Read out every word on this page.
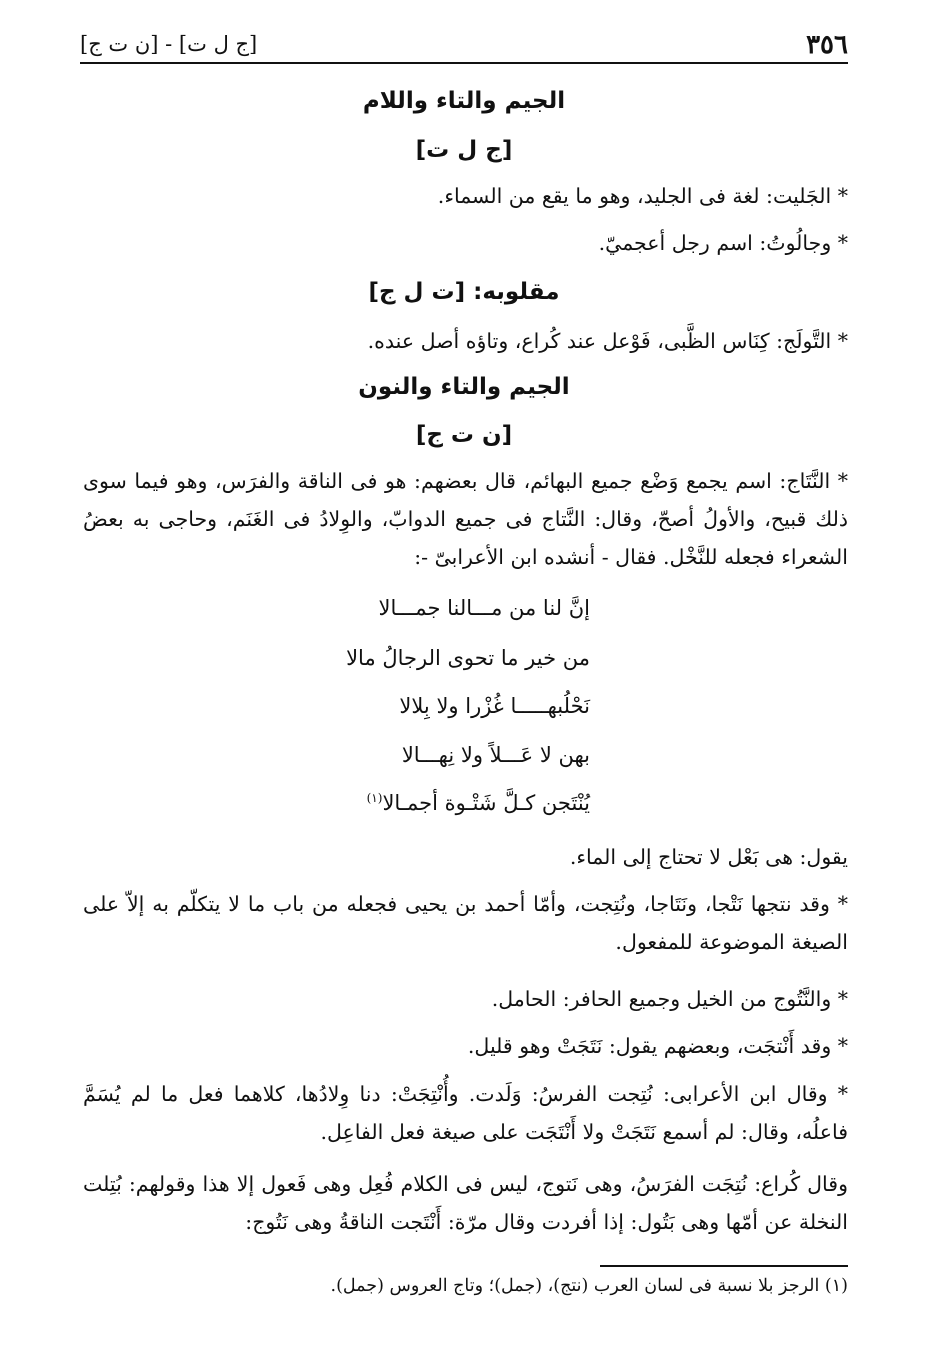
٣٥٦
[ج ل ت] - [ن ت ج]
الجيم والتاء واللام
[ج ل ت]
* الجَليت: لغة فى الجليد، وهو ما يقع من السماء.
* وجالُوتُ: اسم رجل أعجميّ.
مقلوبه: [ت ل ج]
* التَّولَج: كِنَاس الظَّبى، فَوْعل عند كُراع، وتاؤه أصل عنده.
الجيم والتاء والنون
[ن ت ج]
* النَّتَاج: اسم يجمع وَضْع جميع البهائم، قال بعضهم: هو فى الناقة والفرَس، وهو فيما سوى ذلك قبيح، والأولُ أصحّ، وقال: النَّتاج فى جميع الدوابّ، والوِلادُ فى الغَنَم، وحاجى به بعضُ الشعراء فجعله للنَّخْل. فقال - أنشده ابن الأعرابىّ -:
إنَّ لنا من مـــالنا جمـــالا
من خير ما تحوى الرجالُ مالا
نَحْلُبهـــــا غُزْرا ولا بِلالا
بهن لا عَـــلاً ولا نِهـــالا
يُنْتَجن كـلَّ شَتْـوة أجمـالا$^{(١)}$
يقول: هى بَعْل لا تحتاج إلى الماء.
* وقد نتجها نَتْجا، ونَتَاجا، ونُتِجت، وأمّا أحمد بن يحيى فجعله من باب ما لا يتكلّم به إلاّ على الصيغة الموضوعة للمفعول.
* والنَّتُوج من الخيل وجميع الحافر: الحامل.
* وقد أَنْتجَت، وبعضهم يقول: نَتَجَتْ وهو قليل.
* وقال ابن الأعرابى: نُتِجت الفرسُ: وَلَدت. وأُنْتِجَتْ: دنا وِلادُها، كلاهما فعل ما لم يُسَمَّ فاعلُه، وقال: لم أسمع نَتَجَتْ ولا أَنْتَجَت على صيغة فعل الفاعِل.
وقال كُراع: نُتِجَت الفرَسُ، وهى نَتوج، ليس فى الكلام فُعِل وهى فَعول إلا هذا وقولهم: بُتِلت النخلة عن أمّها وهى بَتُول: إذا أفردت وقال مرّة: أَنْتَجت الناقةُ وهى نَتُوج:
(١) الرجز بلا نسبة فى لسان العرب (نتج)، (جمل)؛ وتاج العروس (جمل).
